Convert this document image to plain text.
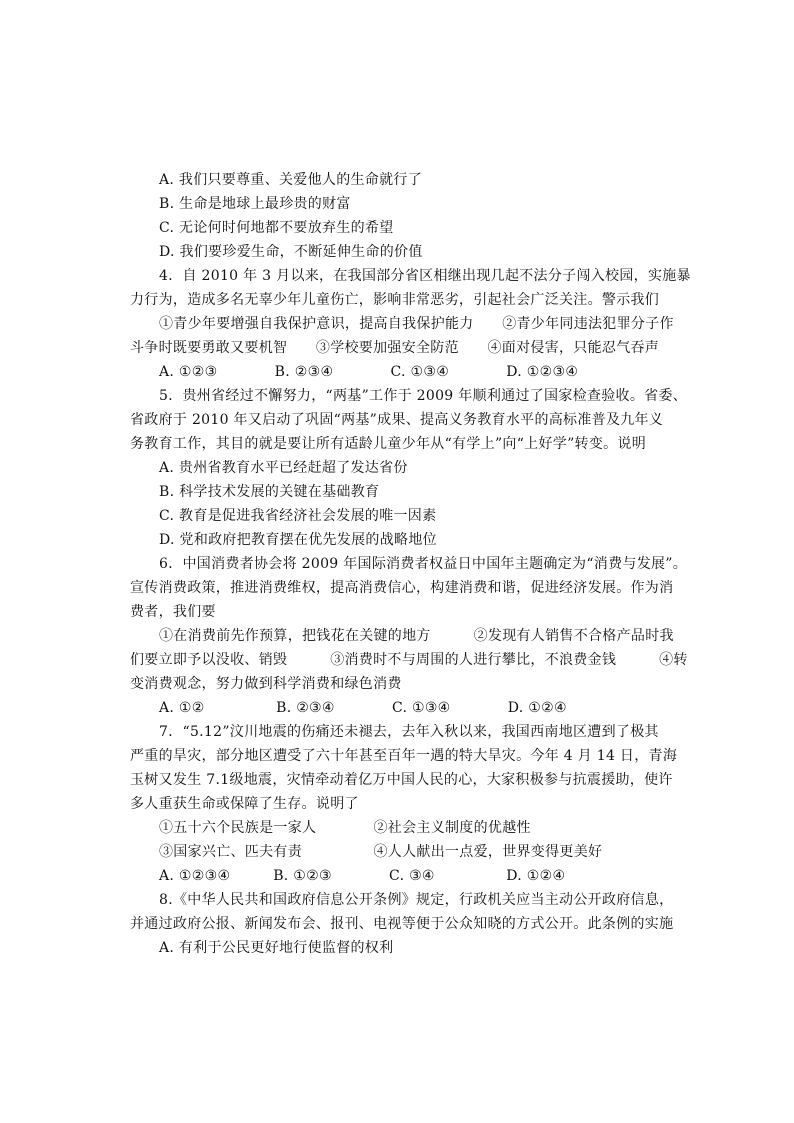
A. 我们只要尊重、关爱他人的生命就行了
B. 生命是地球上最珍贵的财富
C. 无论何时何地都不要放弃生的希望
D. 我们要珍爱生命，不断延伸生命的价值
4．自 2010 年 3 月以来，在我国部分省区相继出现几起不法分子闯入校园，实施暴
力行为，造成多名无辜少年儿童伤亡，影响非常恶劣，引起社会广泛关注。警示我们
①青少年要增强自我保护意识，提高自我保护能力　　②青少年同违法犯罪分子作
斗争时既要勇敢又要机智　　③学校要加强安全防范　　④面对侵害，只能忍气吞声
A. ①②③　　　　B. ②③④　　　　C. ①③④　　　　D. ①②③④
5．贵州省经过不懈努力，“两基”工作于 2009 年顺利通过了国家检查验收。省委、
省政府于 2010 年又启动了巩固“两基”成果、提高义务教育水平的高标准普及九年义
务教育工作，其目的就是要让所有适龄儿童少年从“有学上”向“上好学”转变。说明
A. 贵州省教育水平已经赶超了发达省份
B. 科学技术发展的关键在基础教育
C. 教育是促进我省经济社会发展的唯一因素
D. 党和政府把教育摆在优先发展的战略地位
6．中国消费者协会将 2009 年国际消费者权益日中国年主题确定为“消费与发展”。
宣传消费政策，推进消费维权，提高消费信心，构建消费和谐，促进经济发展。作为消
费者，我们要
①在消费前先作预算，把钱花在关键的地方　　　②发现有人销售不合格产品时我
们要立即予以没收、销毁　　　③消费时不与周围的人进行攀比，不浪费金钱　　　④转
变消费观念，努力做到科学消费和绿色消费
A. ①②　　　　　B. ②③④　　　　C. ①③④　　　　D. ①②④
7．“5.12”汶川地震的伤痛还未褪去，去年入秋以来，我国西南地区遭到了极其
严重的旱灾，部分地区遭受了六十年甚至百年一遇的特大旱灾。今年 4 月 14 日，青海
玉树又发生 7.1级地震，灾情牵动着亿万中国人民的心，大家积极参与抗震援助，使许
多人重获生命或保障了生存。说明了
①五十六个民族是一家人　　　　②社会主义制度的优越性
③国家兴亡、匹夫有责　　　　　④人人献出一点爱，世界变得更美好
A. ①②③④　　　B. ①②③　　　　C. ③④　　　　　D. ①②④
8.《中华人民共和国政府信息公开条例》规定，行政机关应当主动公开政府信息，
并通过政府公报、新闻发布会、报刊、电视等便于公众知晓的方式公开。此条例的实施
A. 有利于公民更好地行使监督的权利
